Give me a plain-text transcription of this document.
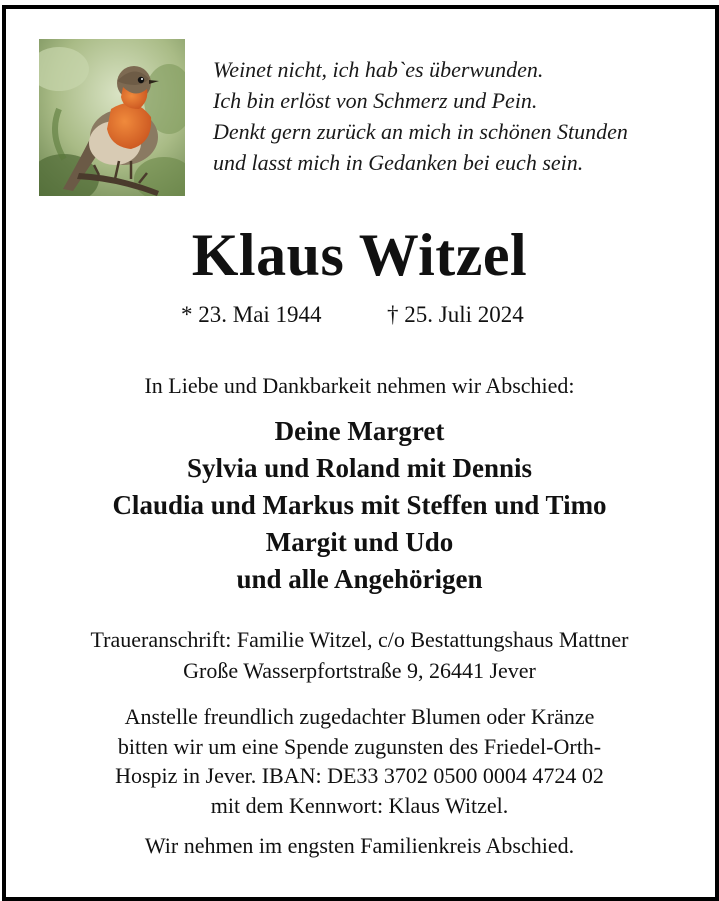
Weinet nicht, ich hab`es überwunden.
Ich bin erlöst von Schmerz und Pein.
Denkt gern zurück an mich in schönen Stunden
und lasst mich in Gedanken bei euch sein.
Klaus Witzel
* 23. Mai 1944	† 25. Juli 2024
In Liebe und Dankbarkeit nehmen wir Abschied:
Deine Margret
Sylvia und Roland mit Dennis
Claudia und Markus mit Steffen und Timo
Margit und Udo
und alle Angehörigen
Traueranschrift: Familie Witzel, c/o Bestattungshaus Mattner
Große Wasserpfortstraße 9, 26441 Jever
Anstelle freundlich zugedachter Blumen oder Kränze
bitten wir um eine Spende zugunsten des Friedel-Orth-
Hospiz in Jever. IBAN: DE33 3702 0500 0004 4724 02
mit dem Kennwort: Klaus Witzel.
Wir nehmen im engsten Familienkreis Abschied.
